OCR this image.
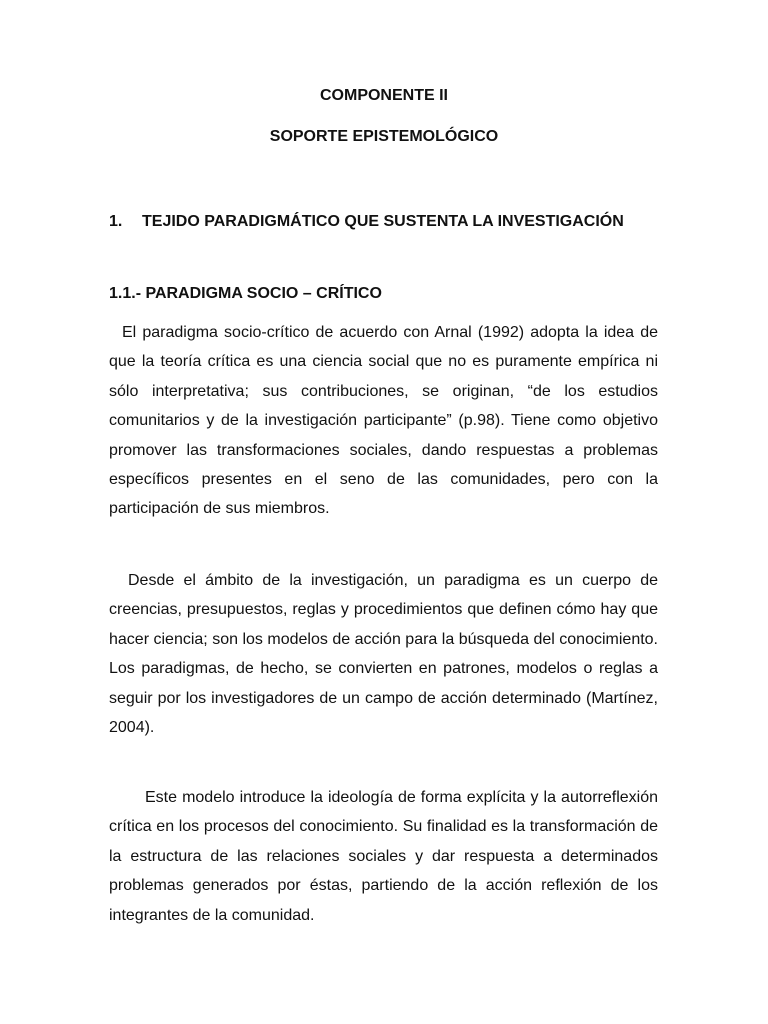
COMPONENTE II
SOPORTE EPISTEMOLÓGICO
1. TEJIDO PARADIGMÁTICO QUE SUSTENTA LA INVESTIGACIÓN
1.1.- PARADIGMA SOCIO – CRÍTICO

El paradigma socio-crítico de acuerdo con Arnal (1992) adopta la idea de que la teoría crítica es una ciencia social que no es puramente empírica ni sólo interpretativa; sus contribuciones, se originan, “de los estudios comunitarios y de la investigación participante” (p.98). Tiene como objetivo promover las transformaciones sociales, dando respuestas a problemas específicos presentes en el seno de las comunidades, pero con la participación de sus miembros.

Desde el ámbito de la investigación, un paradigma es un cuerpo de creencias, presupuestos, reglas y procedimientos que definen cómo hay que hacer ciencia; son los modelos de acción para la búsqueda del conocimiento. Los paradigmas, de hecho, se convierten en patrones, modelos o reglas a seguir por los investigadores de un campo de acción determinado (Martínez, 2004).

Este modelo introduce la ideología de forma explícita y la autorreflexión crítica en los procesos del conocimiento. Su finalidad es la transformación de la estructura de las relaciones sociales y dar respuesta a determinados problemas generados por éstas, partiendo de la acción reflexión de los integrantes de la comunidad.
